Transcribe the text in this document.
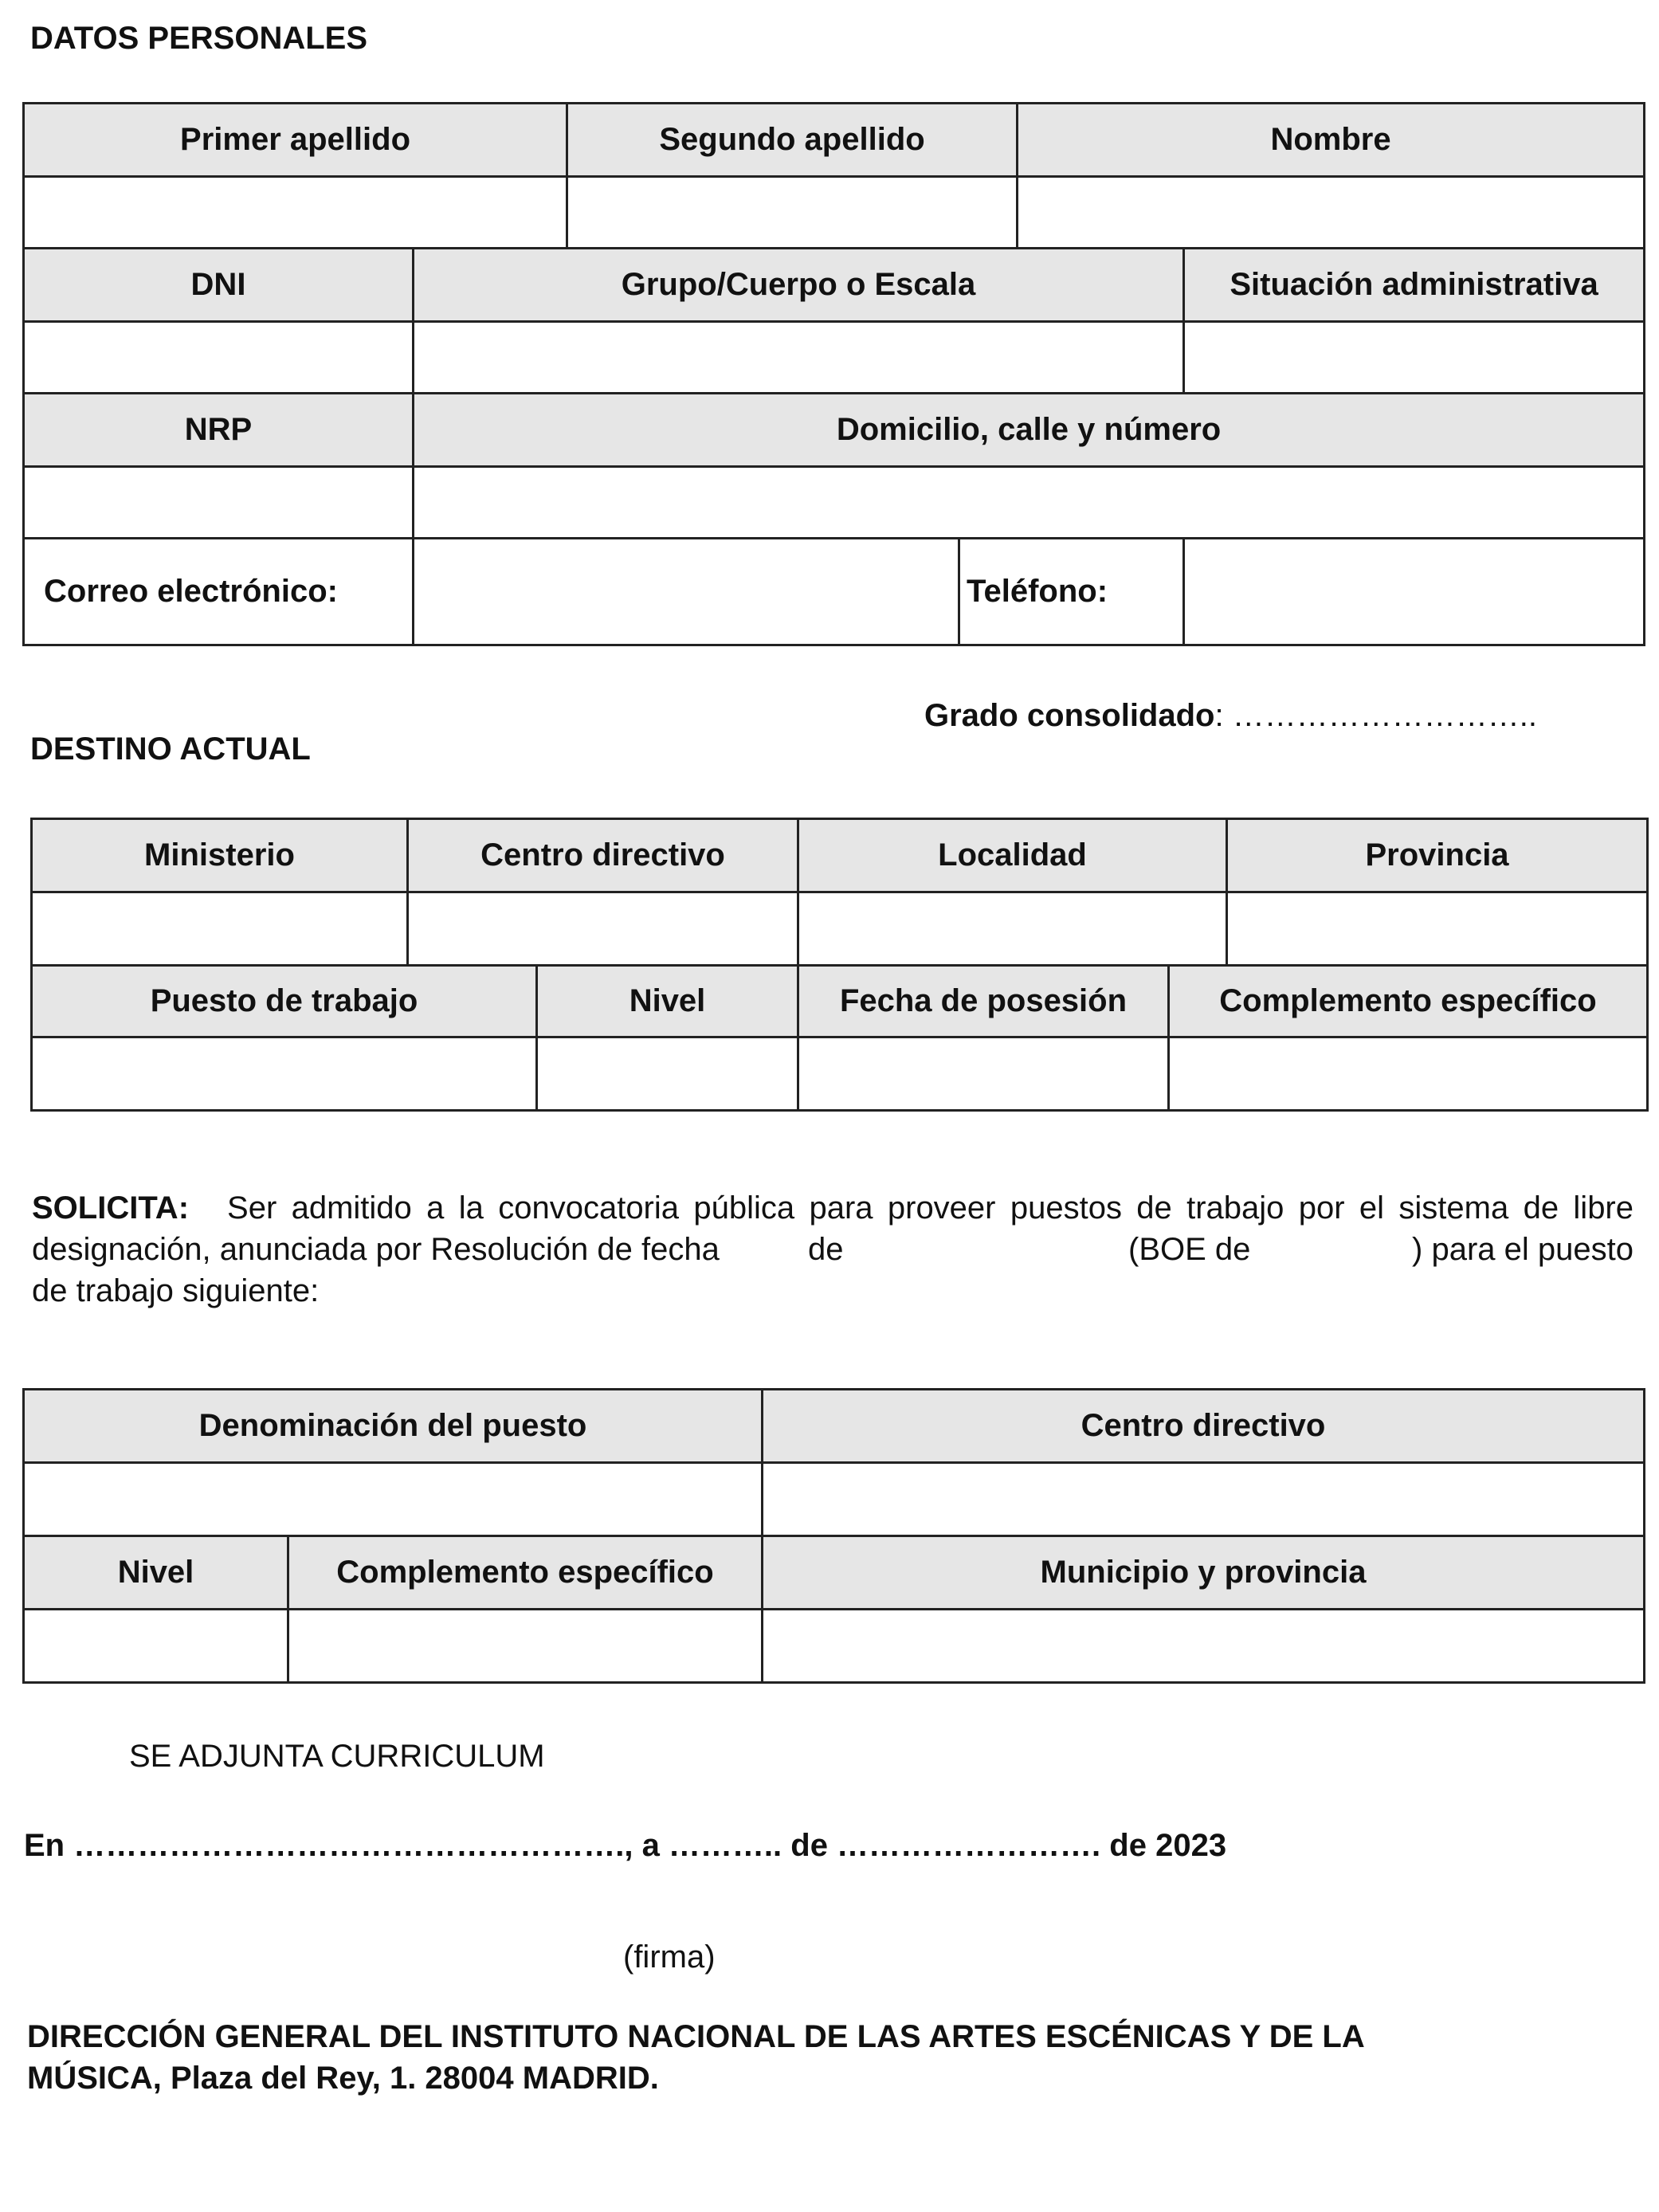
DATOS PERSONALES
Primer apellido		Segundo apellido		Nombre	

DNI	Grupo/Cuerpo o Escala				Situación administrativa

NRP	Domicilio, calle y número				

Correo electrónico:			Teléfono:		
Grado consolidado: ………………………..
DESTINO ACTUAL
Ministerio	Centro directivo		Localidad		Provincia

Puesto de trabajo		Nivel	Fecha de posesión	Complemento específico	

SOLICITA: Ser admitido a la convocatoria pública para proveer puestos de trabajo por el sistema de libre
designación, anunciada por Resolución de fecha	de	(BOE de	) para el puesto
de trabajo siguiente:
Denominación del puesto		Centro directivo

Nivel	Complemento específico	Municipio y provincia

SE ADJUNTA CURRICULUM
En ……………………………………………., a ……….. de ……………………. de 2023
(firma)
DIRECCIÓN GENERAL DEL INSTITUTO NACIONAL DE LAS ARTES ESCÉNICAS Y DE LA
MÚSICA, Plaza del Rey, 1. 28004 MADRID.
